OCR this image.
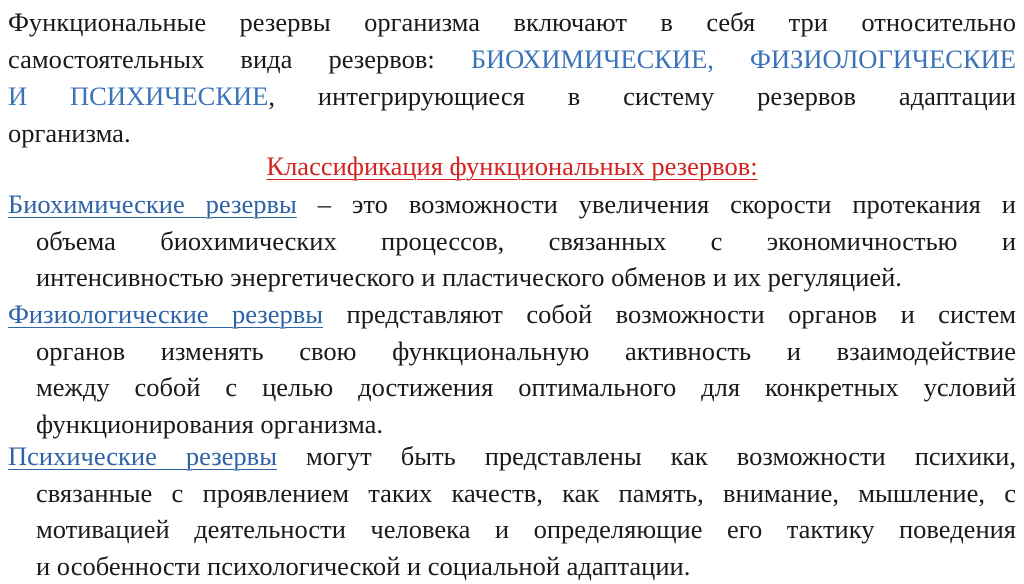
Функциональные резервы организма включают в себя три относительно
самостоятельных вида резервов: БИОХИМИЧЕСКИЕ, ФИЗИОЛОГИЧЕСКИЕ
И ПСИХИЧЕСКИЕ, интегрирующиеся в систему резервов адаптации
организма.

Классификация функциональных резервов:

Биохимические резервы – это возможности увеличения скорости протекания и
объема биохимических процессов, связанных с экономичностью и
интенсивностью энергетического и пластического обменов и их регуляцией.

Физиологические резервы представляют собой возможности органов и систем
органов изменять свою функциональную активность и взаимодействие
между собой с целью достижения оптимального для конкретных условий
функционирования организма.

Психические резервы могут быть представлены как возможности психики,
связанные с проявлением таких качеств, как память, внимание, мышление, с
мотивацией деятельности человека и определяющие его тактику поведения
и особенности психологической и социальной адаптации.
